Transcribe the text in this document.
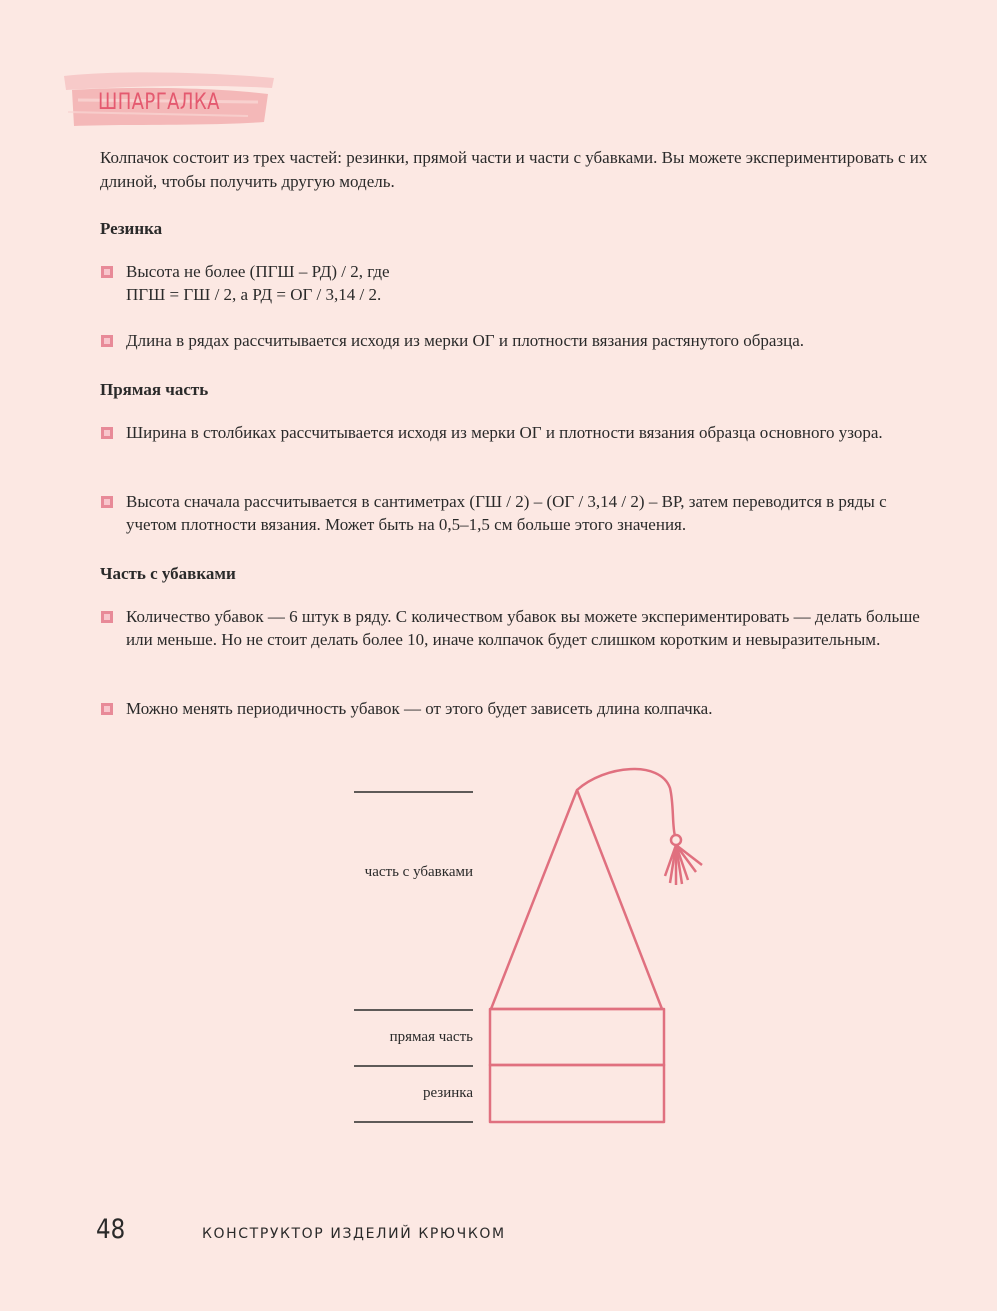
ШПАРГАЛКА
Колпачок состоит из трех частей: резинки, прямой части и части с убавками. Вы можете экспериментировать с их длиной, чтобы получить другую модель.
Резинка
Высота не более (ПГШ – РД) / 2, где
ПГШ = ГШ / 2, а РД = ОГ / 3,14 / 2.
Длина в рядах рассчитывается исходя из мерки ОГ и плотности вязания растянутого образца.
Прямая часть
Ширина в столбиках рассчитывается исходя из мерки ОГ и плотности вязания образца основного узора.
Высота сначала рассчитывается в сантиметрах (ГШ / 2) – (ОГ / 3,14 / 2) – ВР, затем переводится в ряды с учетом плотности вязания. Может быть на 0,5–1,5 см больше этого значения.
Часть с убавками
Количество убавок — 6 штук в ряду. С количеством убавок вы можете экспериментировать — делать больше или меньше. Но не стоит делать более 10, иначе колпачок будет слишком коротким и невыразительным.
Можно менять периодичность убавок — от этого будет зависеть длина колпачка.
часть с убавками
прямая часть
резинка
48	КОНСТРУКТОР ИЗДЕЛИЙ КРЮЧКОМ
